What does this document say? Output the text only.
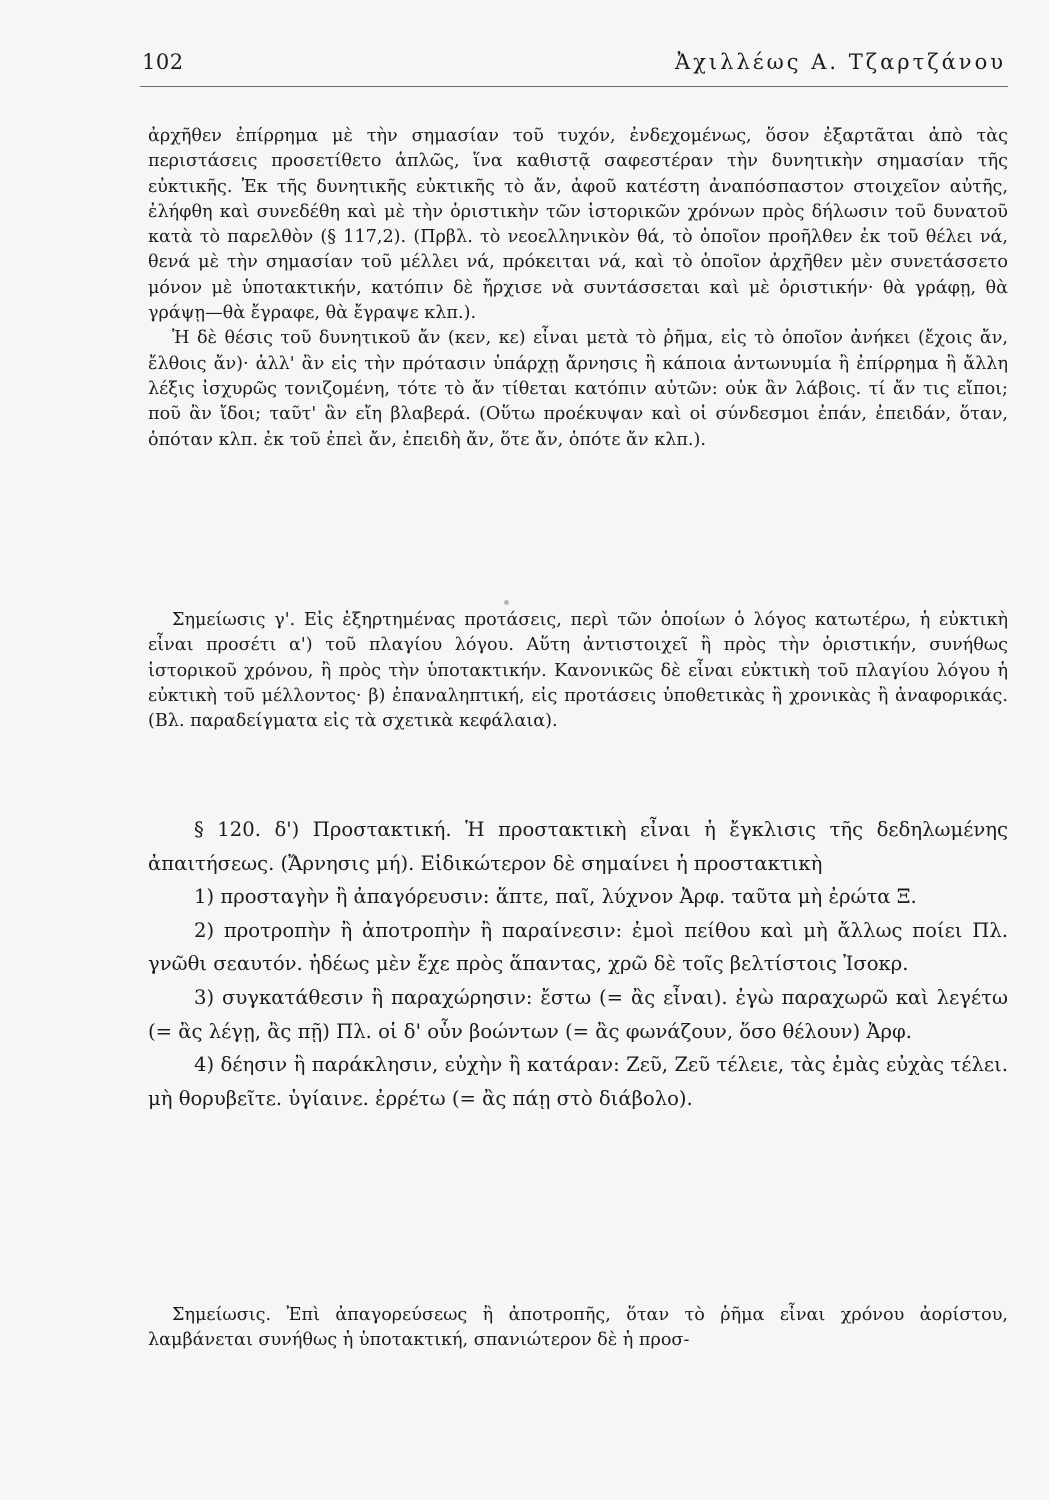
102	Ἀχιλλέως Α. Τζαρτζάνου

ἀρχῆθεν ἐπίρρημα μὲ τὴν σημασίαν τοῦ τυχόν, ἐνδεχομένως, ὅσον ἐξαρτᾶται ἀπὸ τὰς περιστάσεις προσετίθετο ἁπλῶς, ἵνα καθιστᾷ σαφεστέραν τὴν δυνητικὴν σημασίαν τῆς εὐκτικῆς. Ἐκ τῆς δυνητικῆς εὐκτικῆς τὸ ἄν, ἀφοῦ κατέστη ἀναπόσπαστον στοιχεῖον αὐτῆς, ἐλήφθη καὶ συνεδέθη καὶ μὲ τὴν ὁριστικὴν τῶν ἱστορικῶν χρόνων πρὸς δήλωσιν τοῦ δυνατοῦ κατὰ τὸ παρελθὸν (§ 117,2). (Πρβλ. τὸ νεοελληνικὸν θά, τὸ ὁποῖον προῆλθεν ἐκ τοῦ θέλει νά, θενά μὲ τὴν σημασίαν τοῦ μέλλει νά, πρόκειται νά, καὶ τὸ ὁποῖον ἀρχῆθεν μὲν συνετάσσετο μόνον μὲ ὑποτακτικήν, κατόπιν δὲ ἤρχισε νὰ συντάσσεται καὶ μὲ ὁριστικήν· θὰ γράφῃ, θὰ γράψῃ—θὰ ἔγραφε, θὰ ἔγραψε κλπ.).

Ἡ δὲ θέσις τοῦ δυνητικοῦ ἄν (κεν, κε) εἶναι μετὰ τὸ ῥῆμα, εἰς τὸ ὁποῖον ἀνήκει (ἔχοις ἄν, ἔλθοις ἄν)· ἀλλ' ἂν εἰς τὴν πρότασιν ὑπάρχῃ ἄρνησις ἢ κάποια ἀντωνυμία ἢ ἐπίρρημα ἢ ἄλλη λέξις ἰσχυρῶς τονιζομένη, τότε τὸ ἄν τίθεται κατόπιν αὐτῶν: οὐκ ἂν λάβοις. τί ἄν τις εἴποι; ποῦ ἂν ἴδοι; ταῦτ' ἂν εἴη βλαβερά. (Οὕτω προέκυψαν καὶ οἱ σύνδεσμοι ἐπάν, ἐπειδάν, ὅταν, ὁπόταν κλπ. ἐκ τοῦ ἐπεὶ ἄν, ἐπειδὴ ἄν, ὅτε ἄν, ὁπότε ἄν κλπ.).

Σημείωσις γ'. Εἰς ἐξηρτημένας προτάσεις, περὶ τῶν ὁποίων ὁ λόγος κατωτέρω, ἡ εὐκτικὴ εἶναι προσέτι α') τοῦ πλαγίου λόγου. Αὕτη ἀντιστοιχεῖ ἢ πρὸς τὴν ὁριστικήν, συνήθως ἱστορικοῦ χρόνου, ἢ πρὸς τὴν ὑποτακτικήν. Κανονικῶς δὲ εἶναι εὐκτικὴ τοῦ πλαγίου λόγου ἡ εὐκτικὴ τοῦ μέλλοντος· β) ἐπαναληπτική, εἰς προτάσεις ὑποθετικὰς ἢ χρονικὰς ἢ ἀναφορικάς. (Βλ. παραδείγματα εἰς τὰ σχετικὰ κεφάλαια).

§ 120. δ') Προστακτική. Ἡ προστακτικὴ εἶναι ἡ ἔγκλισις τῆς δεδηλωμένης ἀπαιτήσεως. (Ἄρνησις μή). Εἰδικώτερον δὲ σημαίνει ἡ προστακτικὴ

1) προσταγὴν ἢ ἀπαγόρευσιν: ἅπτε, παῖ, λύχνον Ἀρφ. ταῦτα μὴ ἐρώτα Ξ.

2) προτροπὴν ἢ ἀποτροπὴν ἢ παραίνεσιν: ἐμοὶ πείθου καὶ μὴ ἄλλως ποίει Πλ. γνῶθι σεαυτόν. ἡδέως μὲν ἔχε πρὸς ἅπαντας, χρῶ δὲ τοῖς βελτίστοις Ἰσοκρ.

3) συγκατάθεσιν ἢ παραχώρησιν: ἔστω (= ἂς εἶναι). ἐγὼ παραχωρῶ καὶ λεγέτω (= ἂς λέγῃ, ἂς πῇ) Πλ. οἱ δ' οὖν βοώντων (= ἂς φωνάζουν, ὅσο θέλουν) Ἀρφ.

4) δέησιν ἢ παράκλησιν, εὐχὴν ἢ κατάραν: Ζεῦ, Ζεῦ τέλειε, τὰς ἐμὰς εὐχὰς τέλει. μὴ θορυβεῖτε. ὑγίαινε. ἐρρέτω (= ἂς πάῃ στὸ διάβολο).

Σημείωσις. Ἐπὶ ἀπαγορεύσεως ἢ ἀποτροπῆς, ὅταν τὸ ῥῆμα εἶναι χρόνου ἀορίστου, λαμβάνεται συνήθως ἡ ὑποτακτική, σπανιώτερον δὲ ἡ προσ-
